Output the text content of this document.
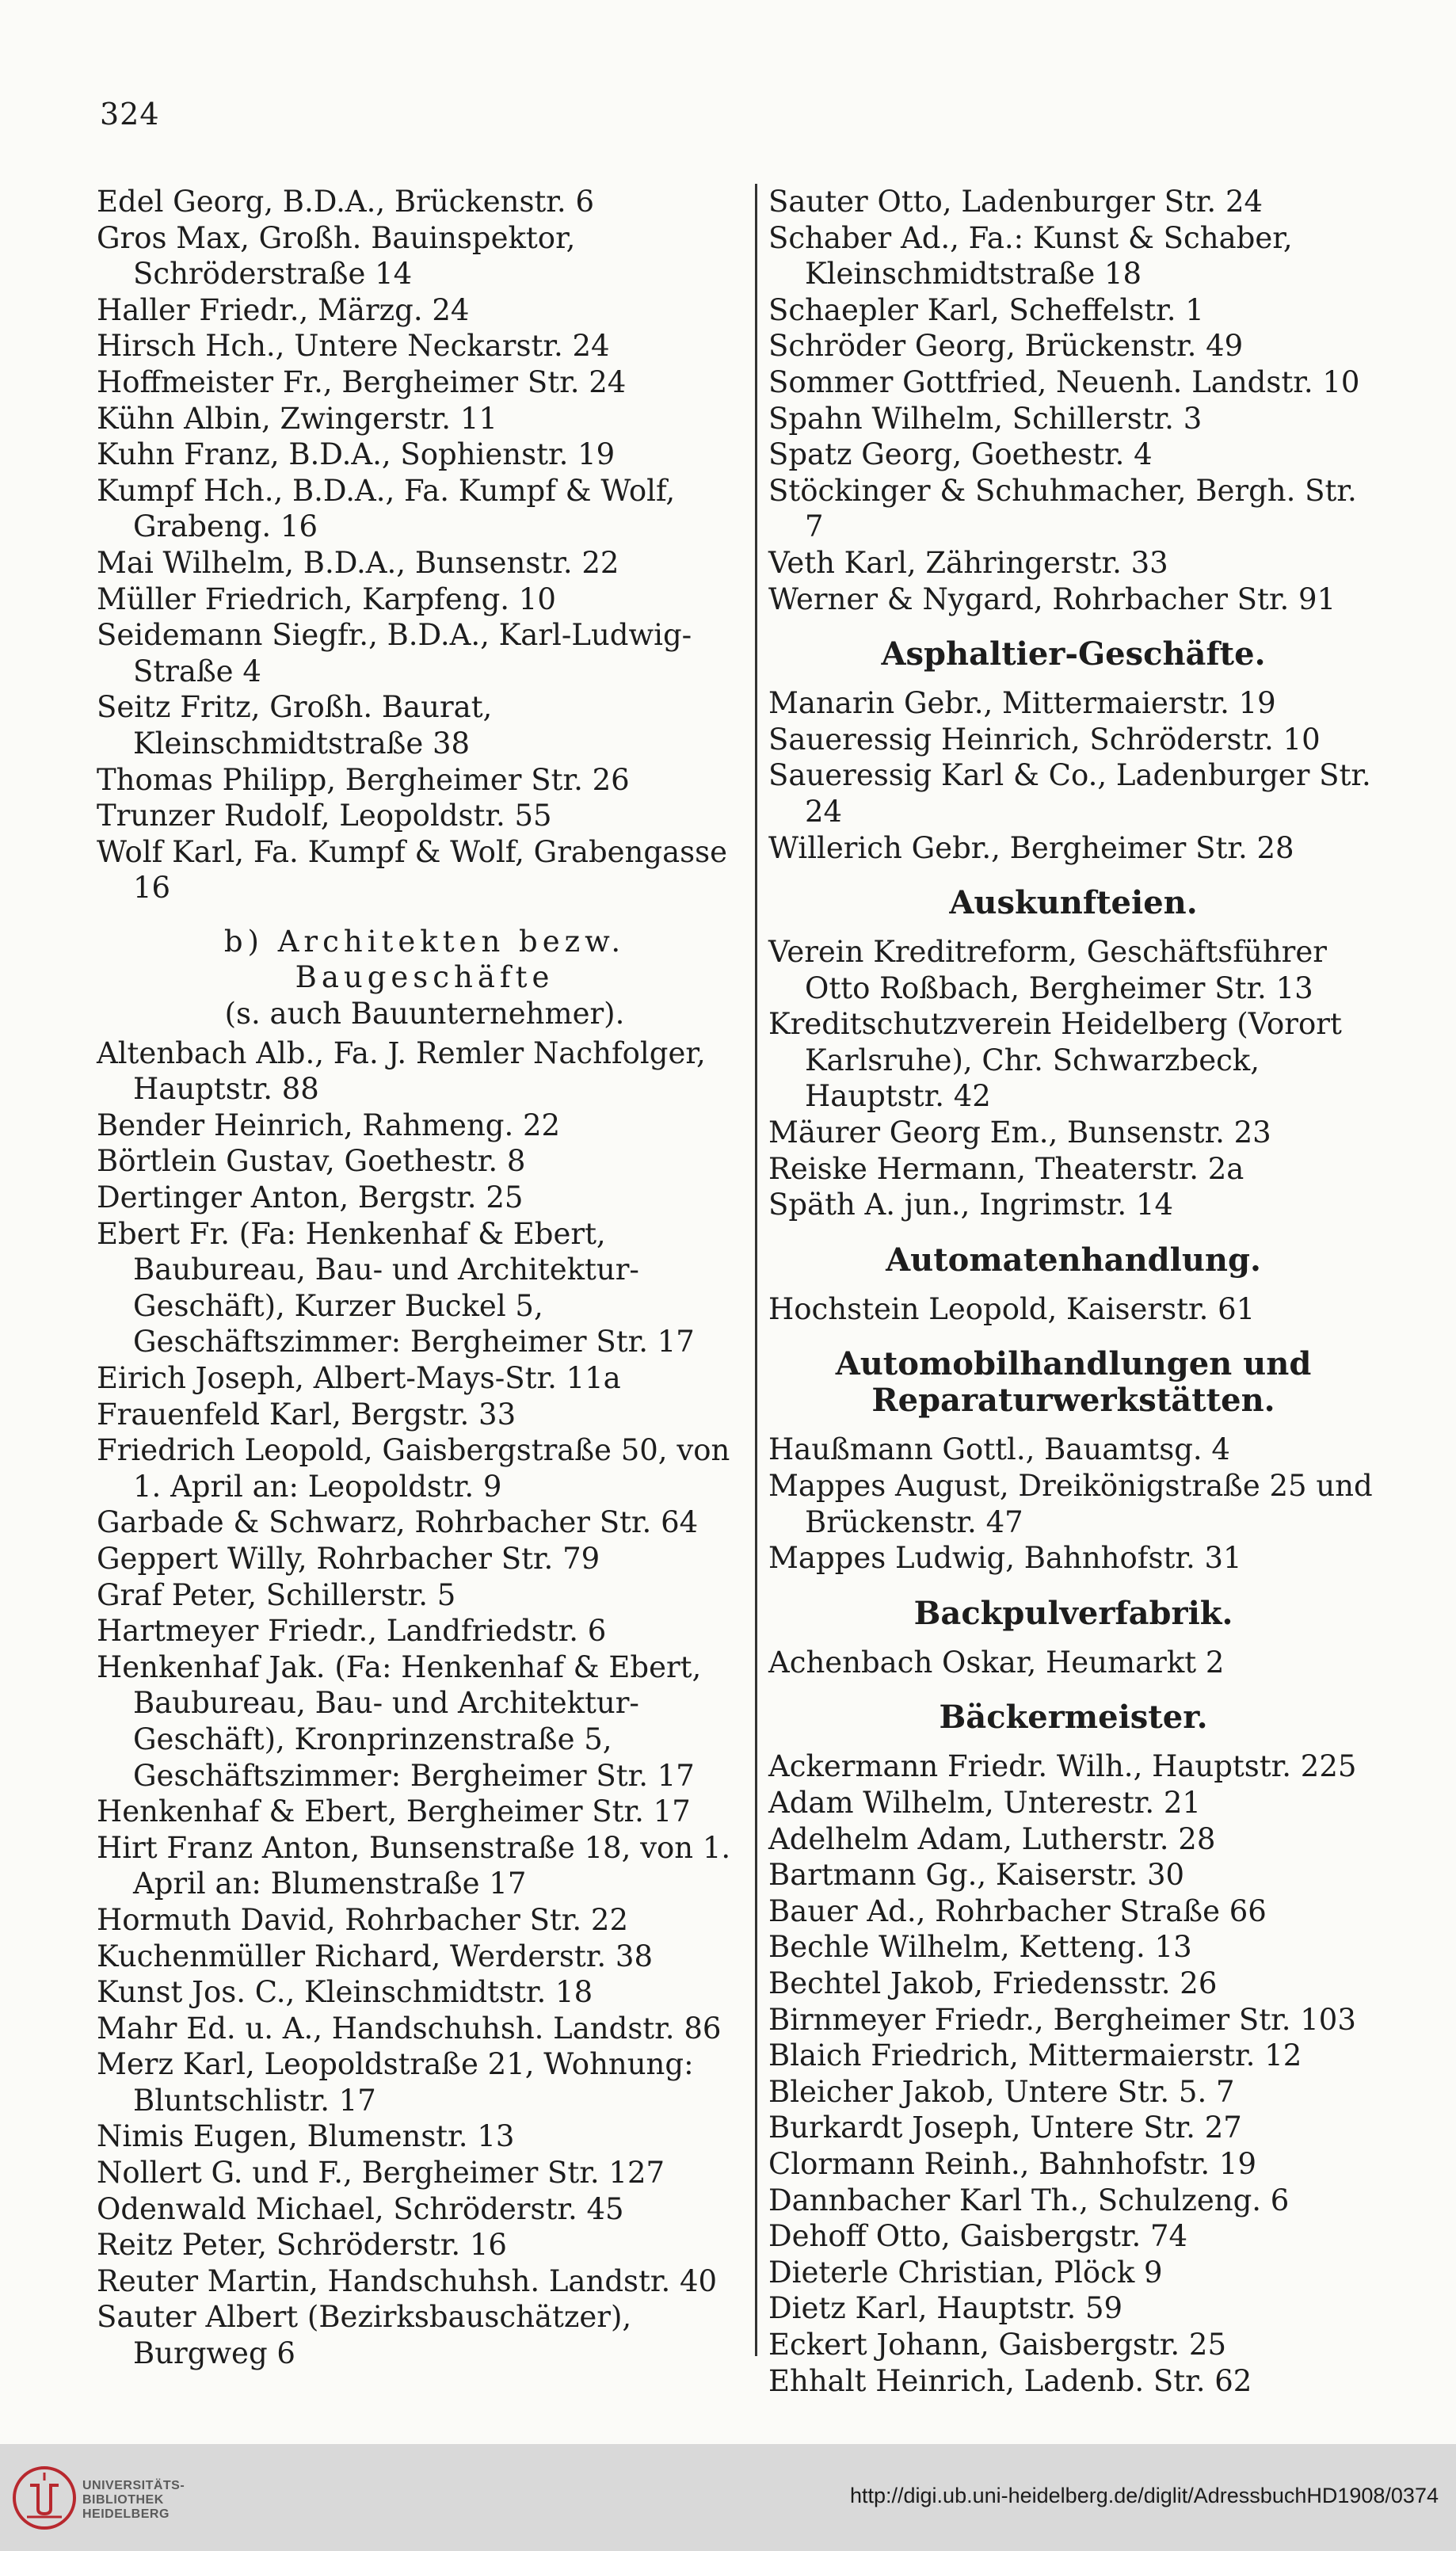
324

Edel Georg, B.D.A., Brückenstr. 6

Gros Max, Großh. Bauinspektor, Schröderstraße 14

Haller Friedr., Märzg. 24

Hirsch Hch., Untere Neckarstr. 24

Hoffmeister Fr., Bergheimer Str. 24

Kühn Albin, Zwingerstr. 11

Kuhn Franz, B.D.A., Sophienstr. 19

Kumpf Hch., B.D.A., Fa. Kumpf & Wolf, Grabeng. 16

Mai Wilhelm, B.D.A., Bunsenstr. 22

Müller Friedrich, Karpfeng. 10

Seidemann Siegfr., B.D.A., Karl-Ludwig-Straße 4

Seitz Fritz, Großh. Baurat, Kleinschmidtstraße 38

Thomas Philipp, Bergheimer Str. 26

Trunzer Rudolf, Leopoldstr. 55

Wolf Karl, Fa. Kumpf & Wolf, Grabengasse 16

b) Architekten bezw. Baugeschäfte

(s. auch Bauunternehmer).

Altenbach Alb., Fa. J. Remler Nachfolger, Hauptstr. 88

Bender Heinrich, Rahmeng. 22

Börtlein Gustav, Goethestr. 8

Dertinger Anton, Bergstr. 25

Ebert Fr. (Fa: Henkenhaf & Ebert, Baubureau, Bau- und Architektur-Geschäft), Kurzer Buckel 5, Geschäftszimmer: Bergheimer Str. 17

Eirich Joseph, Albert-Mays-Str. 11a

Frauenfeld Karl, Bergstr. 33

Friedrich Leopold, Gaisbergstraße 50, von 1. April an: Leopoldstr. 9

Garbade & Schwarz, Rohrbacher Str. 64

Geppert Willy, Rohrbacher Str. 79

Graf Peter, Schillerstr. 5

Hartmeyer Friedr., Landfriedstr. 6

Henkenhaf Jak. (Fa: Henkenhaf & Ebert, Baubureau, Bau- und Architektur-Geschäft), Kronprinzenstraße 5, Geschäftszimmer: Bergheimer Str. 17

Henkenhaf & Ebert, Bergheimer Str. 17

Hirt Franz Anton, Bunsenstraße 18, von 1. April an: Blumenstraße 17

Hormuth David, Rohrbacher Str. 22

Kuchenmüller Richard, Werderstr. 38

Kunst Jos. C., Kleinschmidtstr. 18

Mahr Ed. u. A., Handschuhsh. Landstr. 86

Merz Karl, Leopoldstraße 21, Wohnung: Bluntschlistr. 17

Nimis Eugen, Blumenstr. 13

Nollert G. und F., Bergheimer Str. 127

Odenwald Michael, Schröderstr. 45

Reitz Peter, Schröderstr. 16

Reuter Martin, Handschuhsh. Landstr. 40

Sauter Albert (Bezirksbauschätzer), Burgweg 6

Sauter Otto, Ladenburger Str. 24

Schaber Ad., Fa.: Kunst & Schaber, Kleinschmidtstraße 18

Schaepler Karl, Scheffelstr. 1

Schröder Georg, Brückenstr. 49

Sommer Gottfried, Neuenh. Landstr. 10

Spahn Wilhelm, Schillerstr. 3

Spatz Georg, Goethestr. 4

Stöckinger & Schuhmacher, Bergh. Str. 7

Veth Karl, Zähringerstr. 33

Werner & Nygard, Rohrbacher Str. 91

Asphaltier-Geschäfte.

Manarin Gebr., Mittermaierstr. 19

Saueressig Heinrich, Schröderstr. 10

Saueressig Karl & Co., Ladenburger Str. 24

Willerich Gebr., Bergheimer Str. 28

Auskunfteien.

Verein Kreditreform, Geschäftsführer Otto Roßbach, Bergheimer Str. 13

Kreditschutzverein Heidelberg (Vorort Karlsruhe), Chr. Schwarzbeck, Hauptstr. 42

Mäurer Georg Em., Bunsenstr. 23

Reiske Hermann, Theaterstr. 2a

Späth A. jun., Ingrimstr. 14

Automatenhandlung.

Hochstein Leopold, Kaiserstr. 61

Automobilhandlungen und Reparaturwerkstätten.

Haußmann Gottl., Bauamtsg. 4

Mappes August, Dreikönigstraße 25 und Brückenstr. 47

Mappes Ludwig, Bahnhofstr. 31

Backpulverfabrik.

Achenbach Oskar, Heumarkt 2

Bäckermeister.

Ackermann Friedr. Wilh., Hauptstr. 225

Adam Wilhelm, Unterestr. 21

Adelhelm Adam, Lutherstr. 28

Bartmann Gg., Kaiserstr. 30

Bauer Ad., Rohrbacher Straße 66

Bechle Wilhelm, Ketteng. 13

Bechtel Jakob, Friedensstr. 26

Birnmeyer Friedr., Bergheimer Str. 103

Blaich Friedrich, Mittermaierstr. 12

Bleicher Jakob, Untere Str. 5. 7

Burkardt Joseph, Untere Str. 27

Clormann Reinh., Bahnhofstr. 19

Dannbacher Karl Th., Schulzeng. 6

Dehoff Otto, Gaisbergstr. 74

Dieterle Christian, Plöck 9

Dietz Karl, Hauptstr. 59

Eckert Johann, Gaisbergstr. 25

Ehhalt Heinrich, Ladenb. Str. 62

UNIVERSITÄTS-
BIBLIOTHEK
HEIDELBERG
http://digi.ub.uni-heidelberg.de/diglit/AdressbuchHD1908/0374
